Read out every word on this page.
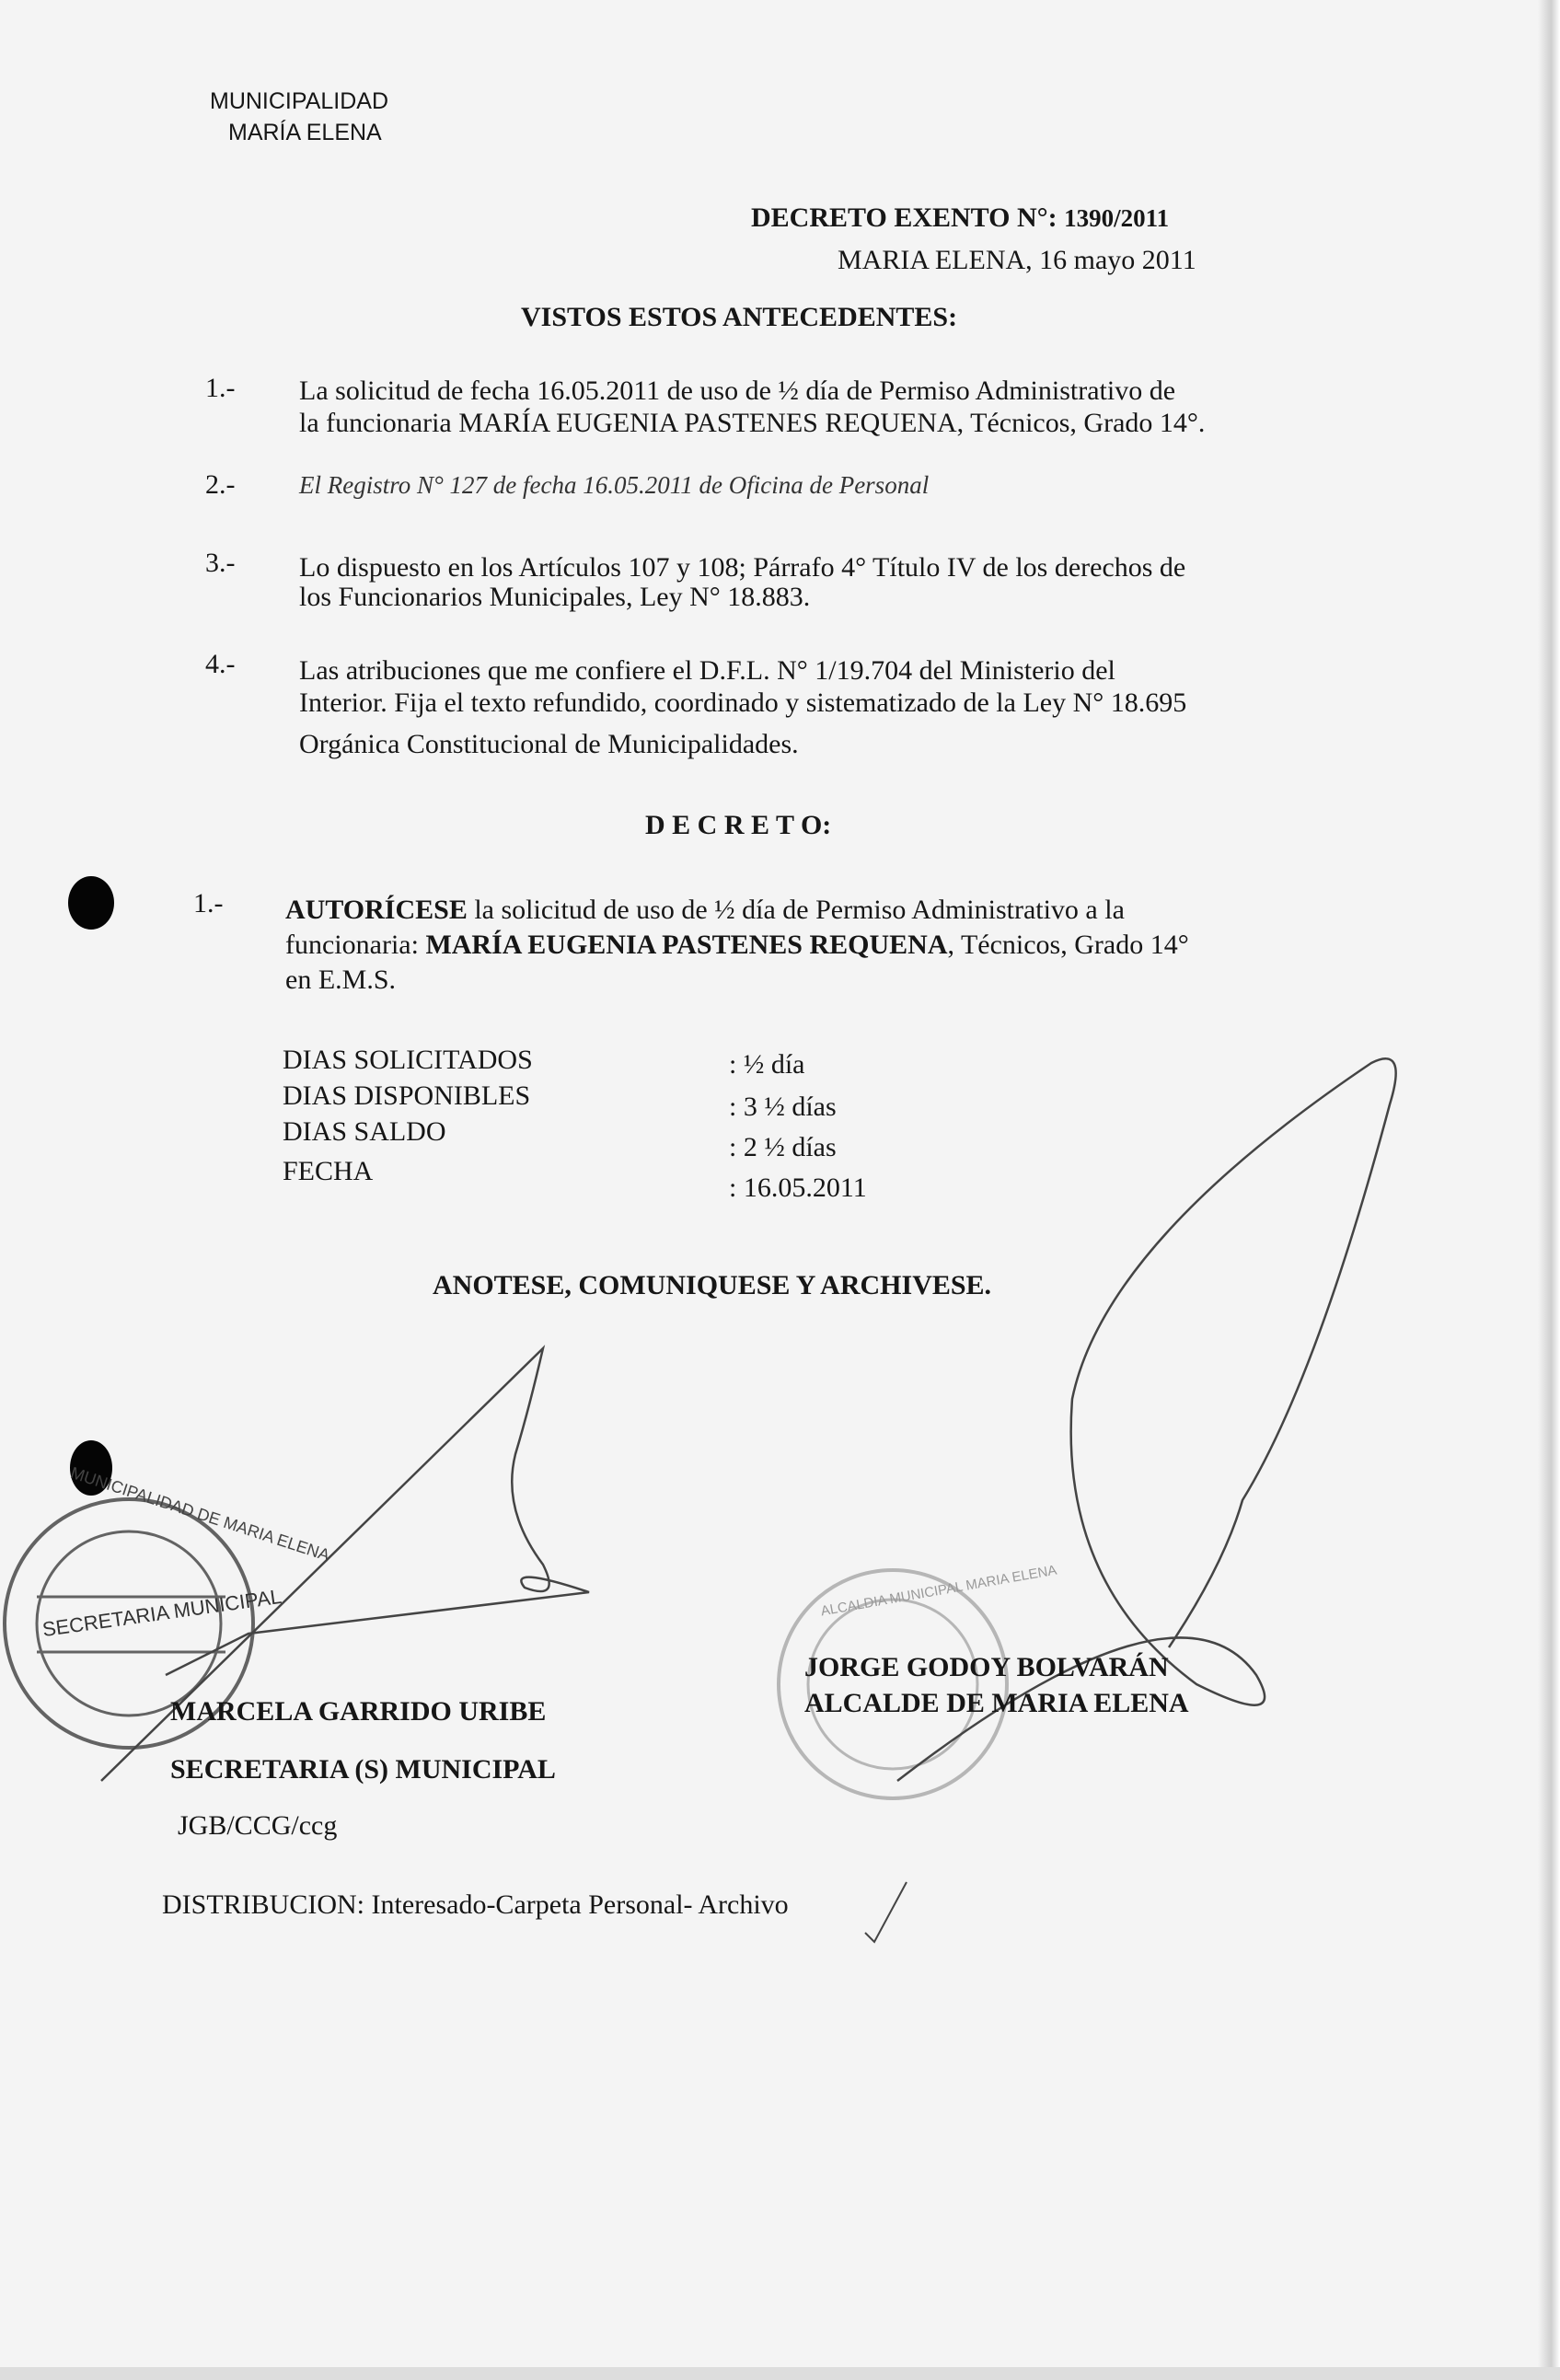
MUNICIPALIDAD
MARÍA ELENA
DECRETO EXENTO N°: 1390/2011
MARIA ELENA, 16 mayo 2011
VISTOS ESTOS ANTECEDENTES:
1.- La solicitud de fecha 16.05.2011 de uso de ½ día de Permiso Administrativo de
la funcionaria MARÍA EUGENIA PASTENES REQUENA, Técnicos, Grado 14°.
2.-	El Registro N° 127 de fecha 16.05.2011 de Oficina de Personal
3.- Lo dispuesto en los Artículos 107 y 108; Párrafo 4° Título IV de los derechos de
los Funcionarios Municipales, Ley N° 18.883.
4.- Las atribuciones que me confiere el D.F.L. N° 1/19.704 del Ministerio del
Interior. Fija el texto refundido, coordinado y sistematizado de la Ley N° 18.695
Orgánica Constitucional de Municipalidades.
D E C R E T O:
1.- AUTORÍCESE la solicitud de uso de ½ día de Permiso Administrativo a la
funcionaria: MARÍA EUGENIA PASTENES REQUENA, Técnicos, Grado 14°
en E.M.S.
DIAS SOLICITADOS
DIAS DISPONIBLES
DIAS SALDO
FECHA
: ½ día
: 3 ½ días
: 2 ½ días
: 16.05.2011
ANOTESE, COMUNIQUESE Y ARCHIVESE.
SECRETARIA MUNICIPAL
MUNICIPALIDAD DE MARIA ELENA
ALCALDIA MUNICIPAL MARIA ELENA
JORGE GODOY BOLVARÁN
ALCALDE DE MARIA ELENA
MARCELA GARRIDO URIBE
SECRETARIA (S) MUNICIPAL
JGB/CCG/ccg
DISTRIBUCION: Interesado-Carpeta Personal- Archivo
